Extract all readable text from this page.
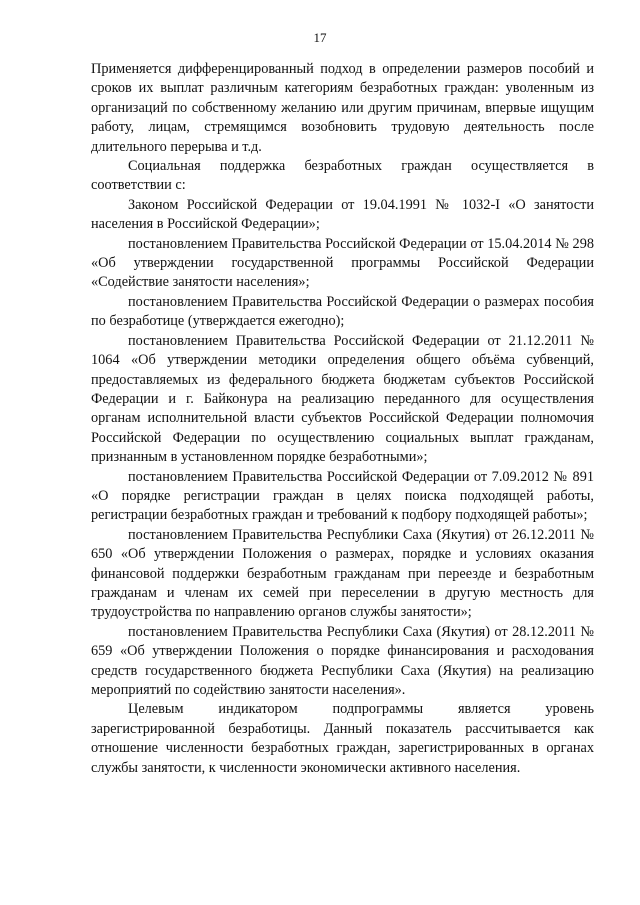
17

Применяется дифференцированный подход в определении размеров пособий и сроков их выплат различным категориям безработных граждан: уволенным из организаций по собственному желанию или другим причинам, впервые ищущим работу, лицам, стремящимся возобновить трудовую деятельность после длительного перерыва и т.д.

Социальная поддержка безработных граждан осуществляется в соответствии с:

Законом Российской Федерации от 19.04.1991 № 1032-I «О занятости населения в Российской Федерации»;

постановлением Правительства Российской Федерации от 15.04.2014 № 298 «Об утверждении государственной программы Российской Федерации «Содействие занятости населения»;

постановлением Правительства Российской Федерации о размерах пособия по безработице (утверждается ежегодно);

постановлением Правительства Российской Федерации от 21.12.2011 № 1064 «Об утверждении методики определения общего объёма субвенций, предоставляемых из федерального бюджета бюджетам субъектов Российской Федерации и г. Байконура на реализацию переданного для осуществления органам исполнительной власти субъектов Российской Федерации полномочия Российской Федерации по осуществлению социальных выплат гражданам, признанным в установленном порядке безработными»;

постановлением Правительства Российской Федерации от 7.09.2012 № 891 «О порядке регистрации граждан в целях поиска подходящей работы, регистрации безработных граждан и требований к подбору подходящей работы»;

постановлением Правительства Республики Саха (Якутия) от 26.12.2011 № 650 «Об утверждении Положения о размерах, порядке и условиях оказания финансовой поддержки безработным гражданам при переезде и безработным гражданам и членам их семей при переселении в другую местность для трудоустройства по направлению органов службы занятости»;

постановлением Правительства Республики Саха (Якутия) от 28.12.2011 № 659 «Об утверждении Положения о порядке финансирования и расходования средств государственного бюджета Республики Саха (Якутия) на реализацию мероприятий по содействию занятости населения».

Целевым индикатором подпрограммы является уровень зарегистрированной безработицы. Данный показатель рассчитывается как отношение численности безработных граждан, зарегистрированных в органах службы занятости, к численности экономически активного населения.
